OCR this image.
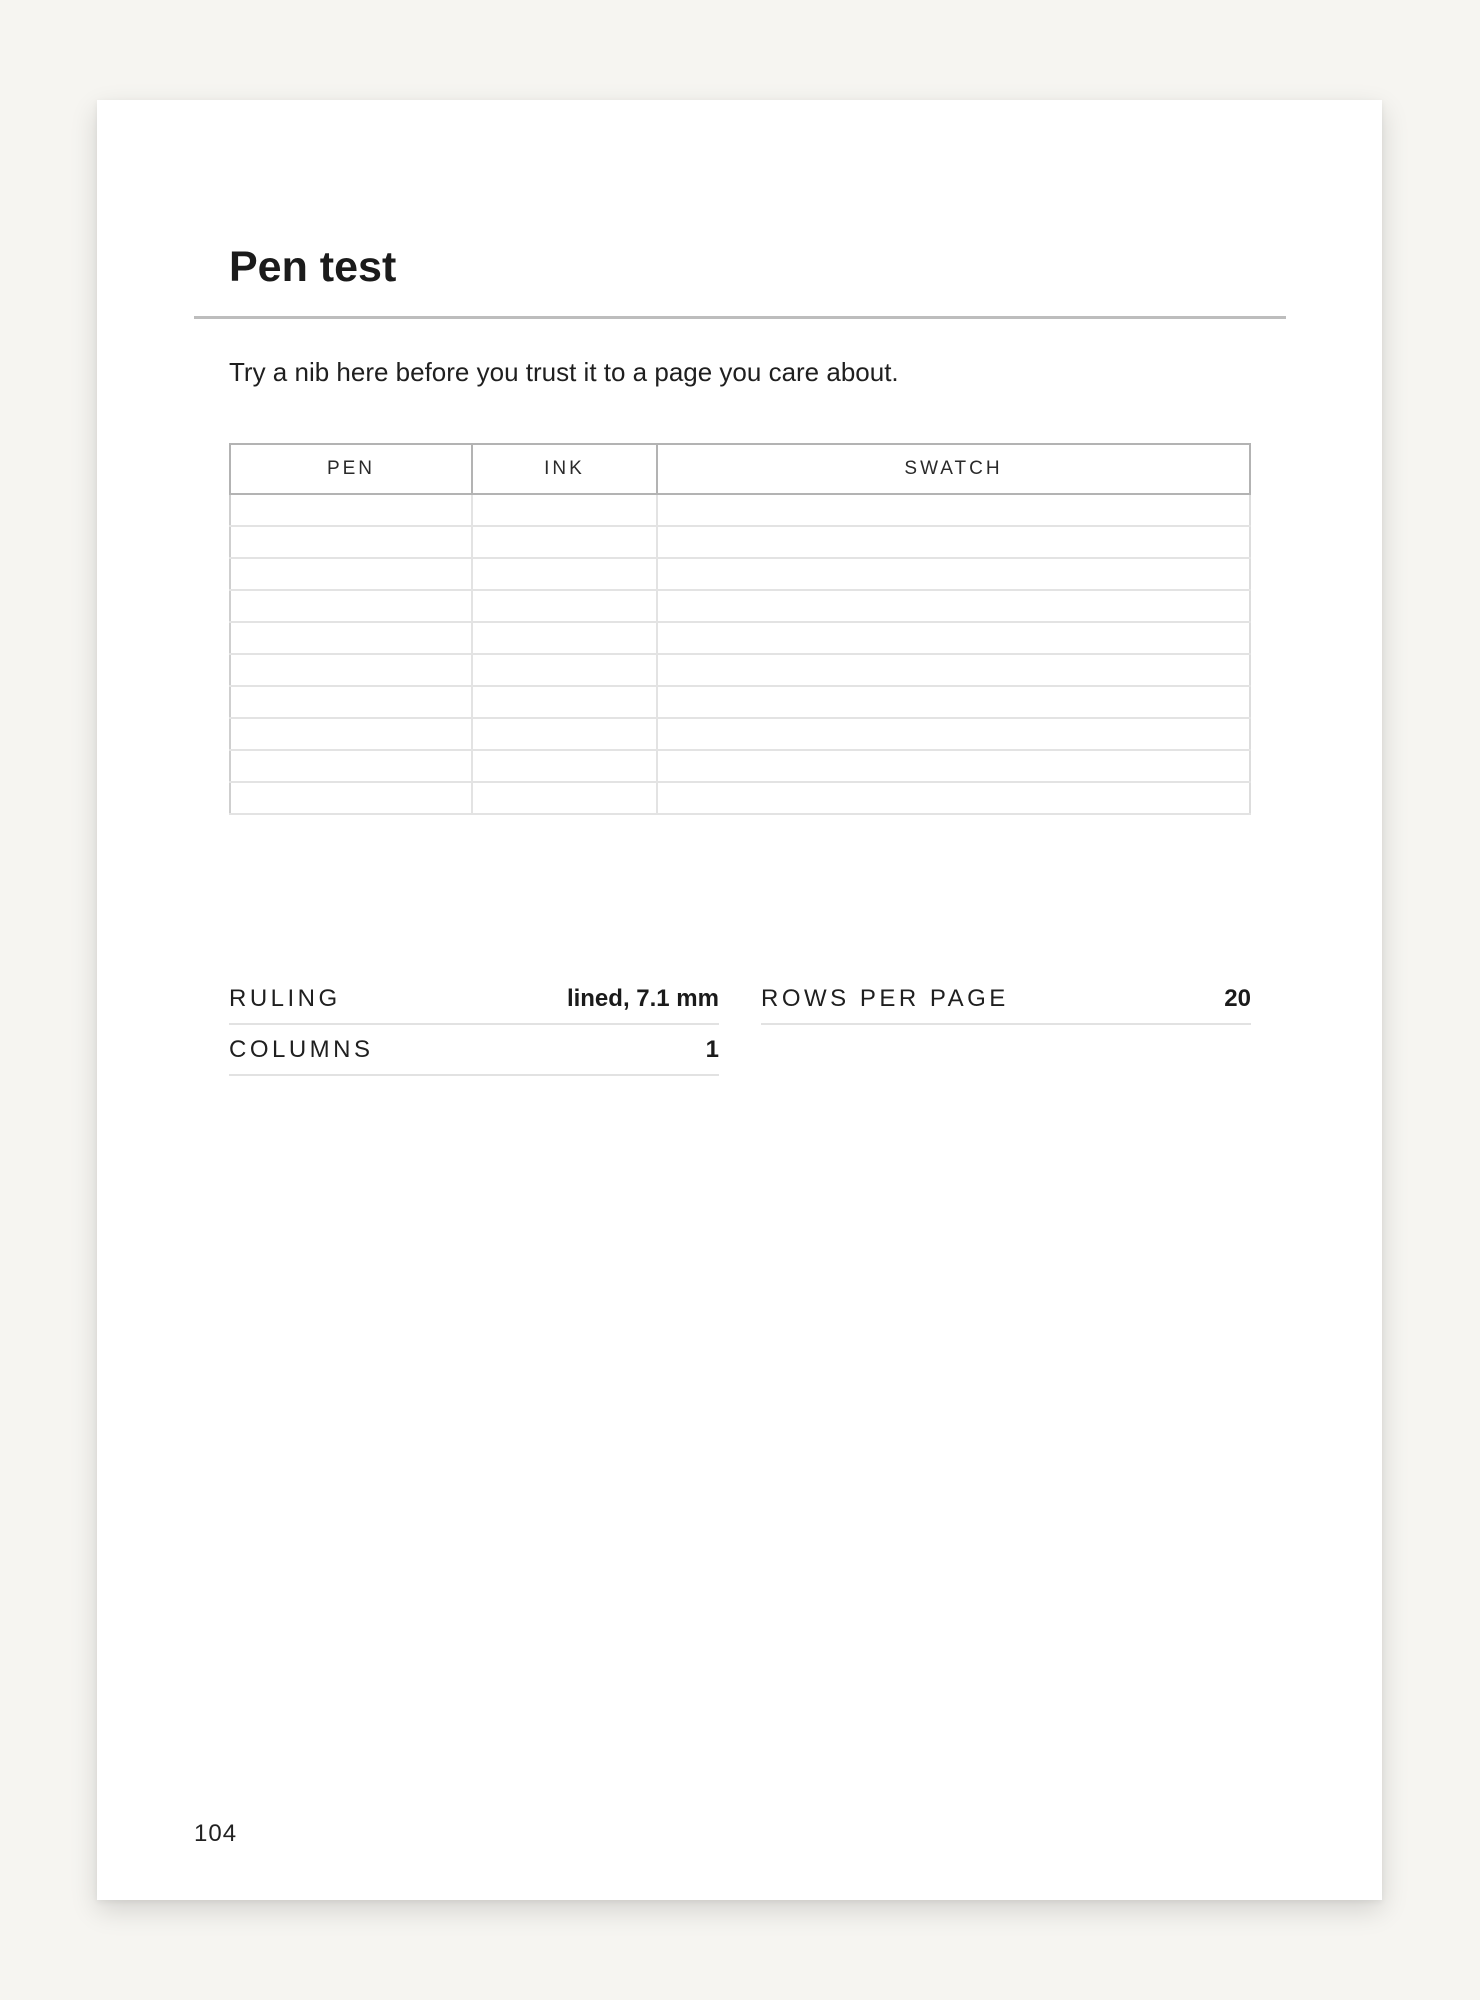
Pen test

Try a nib here before you trust it to a page you care about.

PEN	INK	SWATCH

RULING	lined, 7.1 mm
COLUMNS	1
ROWS PER PAGE	20
104
